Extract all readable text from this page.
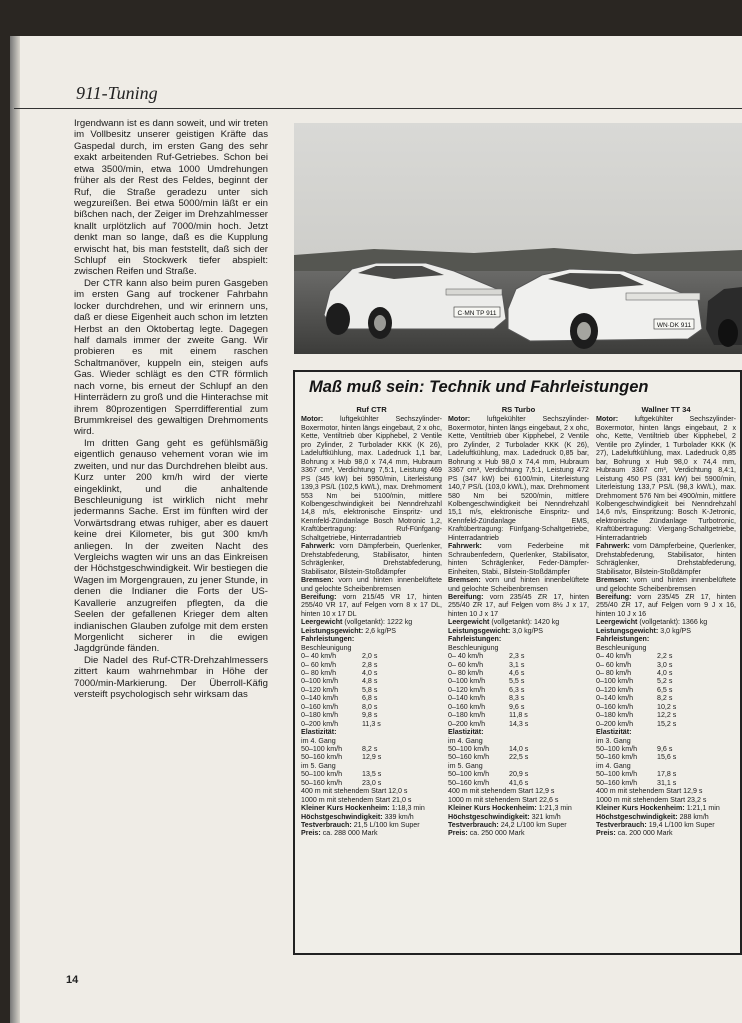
911-Tuning

Irgendwann ist es dann soweit, und wir treten im Vollbesitz unserer geistigen Kräfte das Gaspedal durch, im ersten Gang des sehr exakt arbeitenden Ruf-Getriebes. Schon bei etwa 3500/min, etwa 1000 Umdrehungen früher als der Rest des Feldes, beginnt der Ruf, die Straße geradezu unter sich wegzureißen. Bei etwa 5000/min läßt er ein bißchen nach, der Zeiger im Drehzahlmesser knallt urplötzlich auf 7000/min hoch. Jetzt denkt man so lange, daß es die Kupplung erwischt hat, bis man feststellt, daß sich der Schlupf ein Stockwerk tiefer abspielt: zwischen Reifen und Straße.

Der CTR kann also beim puren Gasgeben im ersten Gang auf trockener Fahrbahn locker durchdrehen, und wir erinnern uns, daß er diese Eigenheit auch schon im letzten Herbst an den Oktobertag legte. Dagegen half damals immer der zweite Gang. Wir probieren es mit einem raschen Schaltmanöver, kuppeln ein, steigen aufs Gas. Wieder schlägt es den CTR förmlich nach vorne, bis erneut der Schlupf an den Hinterrädern zu groß und die Hinterachse mit ihrem 80prozentigen Sperrdifferential zum Brummkreisel des gewaltigen Drehmoments wird.

Im dritten Gang geht es gefühlsmäßig eigentlich genauso vehement voran wie im zweiten, und nur das Durchdrehen bleibt aus. Kurz unter 200 km/h wird der vierte eingeklinkt, und die anhaltende Beschleunigung ist wirklich nicht mehr jedermanns Sache. Erst im fünften wird der Vorwärtsdrang etwas ruhiger, aber es dauert keine drei Kilometer, bis gut 300 km/h anliegen. In der zweiten Nacht des Vergleichs wagten wir uns an das Einkreisen der Höchstgeschwindigkeit. Wir bestiegen die Wagen im Morgengrauen, zu jener Stunde, in denen die Indianer die Forts der US-Kavallerie anzugreifen pflegten, da die Seelen der gefallenen Krieger dem alten indianischen Glauben zufolge mit dem ersten Morgenlicht sicherer in die ewigen Jagdgründe fänden.

Die Nadel des Ruf-CTR-Drehzahlmessers zittert kaum wahrnehmbar in Höhe der 7000/min-Markierung. Der Überroll-Käfig versteift psychologisch sehr wirksam das

C·MN TP 911
WN·DK 911
Maß muß sein: Technik und Fahrleistungen
Ruf CTR
Motor: luftgekühlter Sechszylinder-Boxermotor, hinten längs eingebaut, 2 x ohc, Kette, Ventiltrieb über Kipphebel, 2 Ventile pro Zylinder, 2 Turbolader KKK (K 26), Ladeluftkühlung, max. Ladedruck 1,1 bar, Bohrung x Hub 98,0 x 74,4 mm, Hubraum 3367 cm³, Verdichtung 7,5:1, Leistung 469 PS (345 kW) bei 5950/min, Literleistung 139,3 PS/L (102,5 kW/L), max. Drehmoment 553 Nm bei 5100/min, mittlere Kolbengeschwindigkeit bei Nenndrehzahl 14,8 m/s, elektronische Einspritz- und Kennfeld-Zündanlage Bosch Motronic 1,2, Kraftübertragung: Ruf-Fünfgang-Schaltgetriebe, Hinterradantrieb
Fahrwerk: vorn Dämpferbein, Querlenker, Drehstabfederung, Stabilisator, hinten Schräglenker, Drehstabfederung, Stabilisator, Bilstein-Stoßdämpfer
Bremsen: vorn und hinten innenbelüftete und gelochte Scheibenbremsen
Bereifung: vorn 215/45 VR 17, hinten 255/40 VR 17, auf Felgen vorn 8 x 17 DL, hinten 10 x 17 DL
Leergewicht (vollgetankt): 1222 kg
Leistungsgewicht: 2,6 kg/PS
Fahrleistungen:
Beschleunigung
0– 40 km/h	2,0 s
0– 60 km/h	2,8 s
0– 80 km/h	4,0 s
0–100 km/h	4,8 s
0–120 km/h	5,8 s
0–140 km/h	6,8 s
0–160 km/h	8,0 s
0–180 km/h	9,8 s
0–200 km/h	11,3 s
Elastizität:
im 4. Gang
50–100 km/h	8,2 s
50–160 km/h	12,9 s
im 5. Gang
50–100 km/h	13,5 s
50–160 km/h	23,0 s
400 m mit stehendem Start 12,0 s
1000 m mit stehendem Start 21,0 s
Kleiner Kurs Hockenheim: 1:18,3 min
Höchstgeschwindigkeit: 339 km/h
Testverbrauch: 21,5 L/100 km Super
Preis: ca. 288 000 Mark
RS Turbo
Motor: luftgekühlter Sechszylinder-Boxermotor, hinten längs eingebaut, 2 x ohc, Kette, Ventiltrieb über Kipphebel, 2 Ventile pro Zylinder, 2 Turbolader KKK (K 26), Ladeluftkühlung, max. Ladedruck 0,85 bar, Bohrung x Hub 98,0 x 74,4 mm, Hubraum 3367 cm³, Verdichtung 7,5:1, Leistung 472 PS (347 kW) bei 6100/min, Literleistung 140,7 PS/L (103,0 kW/L), max. Drehmoment 580 Nm bei 5200/min, mittlere Kolbengeschwindigkeit bei Nenndrehzahl 15,1 m/s, elektronische Einspritz- und Kennfeld-Zündanlage EMS, Kraftübertragung: Fünfgang-Schaltgetriebe, Hinterradantrieb
Fahrwerk: vorn Federbeine mit Schraubenfedern, Querlenker, Stabilisator, hinten Schräglenker, Feder-Dämpfer-Einheiten, Stabi., Bilstein-Stoßdämpfer
Bremsen: vorn und hinten innenbelüftete und gelochte Scheibenbremsen
Bereifung: vorn 235/45 ZR 17, hinten 255/40 ZR 17, auf Felgen vorn 8½ J x 17, hinten 10 J x 17
Leergewicht (vollgetankt): 1420 kg
Leistungsgewicht: 3,0 kg/PS
Fahrleistungen:
Beschleunigung
0– 40 km/h	2,3 s
0– 60 km/h	3,1 s
0– 80 km/h	4,6 s
0–100 km/h	5,5 s
0–120 km/h	6,3 s
0–140 km/h	8,3 s
0–160 km/h	9,6 s
0–180 km/h	11,8 s
0–200 km/h	14,3 s
Elastizität:
im 4. Gang
50–100 km/h	14,0 s
50–160 km/h	22,5 s
im 5. Gang
50–100 km/h	20,9 s
50–160 km/h	41,6 s
400 m mit stehendem Start 12,9 s
1000 m mit stehendem Start 22,6 s
Kleiner Kurs Hockenheim: 1:21,3 min
Höchstgeschwindigkeit: 321 km/h
Testverbrauch: 24,2 L/100 km Super
Preis: ca. 250 000 Mark
Wallner TT 34
Motor: luftgekühlter Sechszylinder-Boxermotor, hinten längs eingebaut, 2 x ohc, Kette, Ventiltrieb über Kipphebel, 2 Ventile pro Zylinder, 1 Turbolader KKK (K 27), Ladeluftkühlung, max. Ladedruck 0,85 bar, Bohrung x Hub 98,0 x 74,4 mm, Hubraum 3367 cm³, Verdichtung 8,4:1, Leistung 450 PS (331 kW) bei 5900/min, Literleistung 133,7 PS/L (98,3 kW/L), max. Drehmoment 576 Nm bei 4900/min, mittlere Kolbengeschwindigkeit bei Nenndrehzahl 14,6 m/s, Einspritzung: Bosch K-Jetronic, elektronische Zündanlage Turbotronic, Kraftübertragung: Viergang-Schaltgetriebe, Hinterradantrieb
Fahrwerk: vorn Dämpferbeine, Querlenker, Drehstabfederung, Stabilisator, hinten Schräglenker, Drehstabfederung, Stabilisator, Bilstein-Stoßdämpfer
Bremsen: vorn und hinten innenbelüftete und gelochte Scheibenbremsen
Bereifung: vorn 235/45 ZR 17, hinten 255/40 ZR 17, auf Felgen vorn 9 J x 16, hinten 10 J x 16
Leergewicht (vollgetankt): 1366 kg
Leistungsgewicht: 3,0 kg/PS
Fahrleistungen:
Beschleunigung
0– 40 km/h	2,2 s
0– 60 km/h	3,0 s
0– 80 km/h	4,0 s
0–100 km/h	5,2 s
0–120 km/h	6,5 s
0–140 km/h	8,2 s
0–160 km/h	10,2 s
0–180 km/h	12,2 s
0–200 km/h	15,2 s
Elastizität:
im 3. Gang
50–100 km/h	9,6 s
50–160 km/h	15,6 s
im 4. Gang
50–100 km/h	17,8 s
50–160 km/h	31,1 s
400 m mit stehendem Start 12,9 s
1000 m mit stehendem Start 23,2 s
Kleiner Kurs Hockenheim: 1:21,1 min
Höchstgeschwindigkeit: 288 km/h
Testverbrauch: 19,4 L/100 km Super
Preis: ca. 200 000 Mark
14
